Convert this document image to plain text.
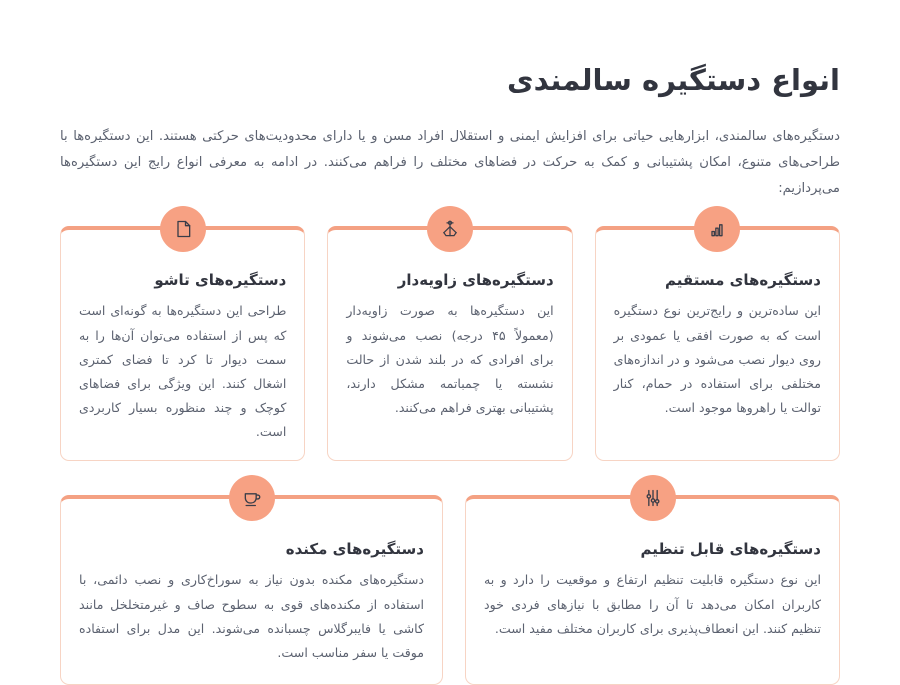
انواع دستگیره سالمندی

دستگیره‌های سالمندی، ابزارهایی حیاتی برای افزایش ایمنی و استقلال افراد مسن و یا دارای محدودیت‌های حرکتی هستند. این دستگیره‌ها با طراحی‌های متنوع، امکان پشتیبانی و کمک به حرکت در فضاهای مختلف را فراهم می‌کنند. در ادامه به معرفی انواع رایج این دستگیره‌ها می‌پردازیم:

دستگیره‌های مستقیم
این ساده‌ترین و رایج‌ترین نوع دستگیره است که به صورت افقی یا عمودی بر روی دیوار نصب می‌شود و در اندازه‌های مختلفی برای استفاده در حمام، کنار توالت یا راهروها موجود است.
دستگیره‌های زاویه‌دار
این دستگیره‌ها به صورت زاویه‌دار (معمولاً ۴۵ درجه) نصب می‌شوند و برای افرادی که در بلند شدن از حالت نشسته یا چمباتمه مشکل دارند، پشتیبانی بهتری فراهم می‌کنند.
دستگیره‌های تاشو
طراحی این دستگیره‌ها به گونه‌ای است که پس از استفاده می‌توان آن‌ها را به سمت دیوار تا کرد تا فضای کمتری اشغال کنند. این ویژگی برای فضاهای کوچک و چند منظوره بسیار کاربردی است.
دستگیره‌های قابل تنظیم
این نوع دستگیره قابلیت تنظیم ارتفاع و موقعیت را دارد و به کاربران امکان می‌دهد تا آن را مطابق با نیازهای فردی خود تنظیم کنند. این انعطاف‌پذیری برای کاربران مختلف مفید است.
دستگیره‌های مکنده
دستگیره‌های مکنده بدون نیاز به سوراخ‌کاری و نصب دائمی، با استفاده از مکنده‌های قوی به سطوح صاف و غیرمتخلخل مانند کاشی یا فایبرگلاس چسبانده می‌شوند. این مدل برای استفاده موقت یا سفر مناسب است.
